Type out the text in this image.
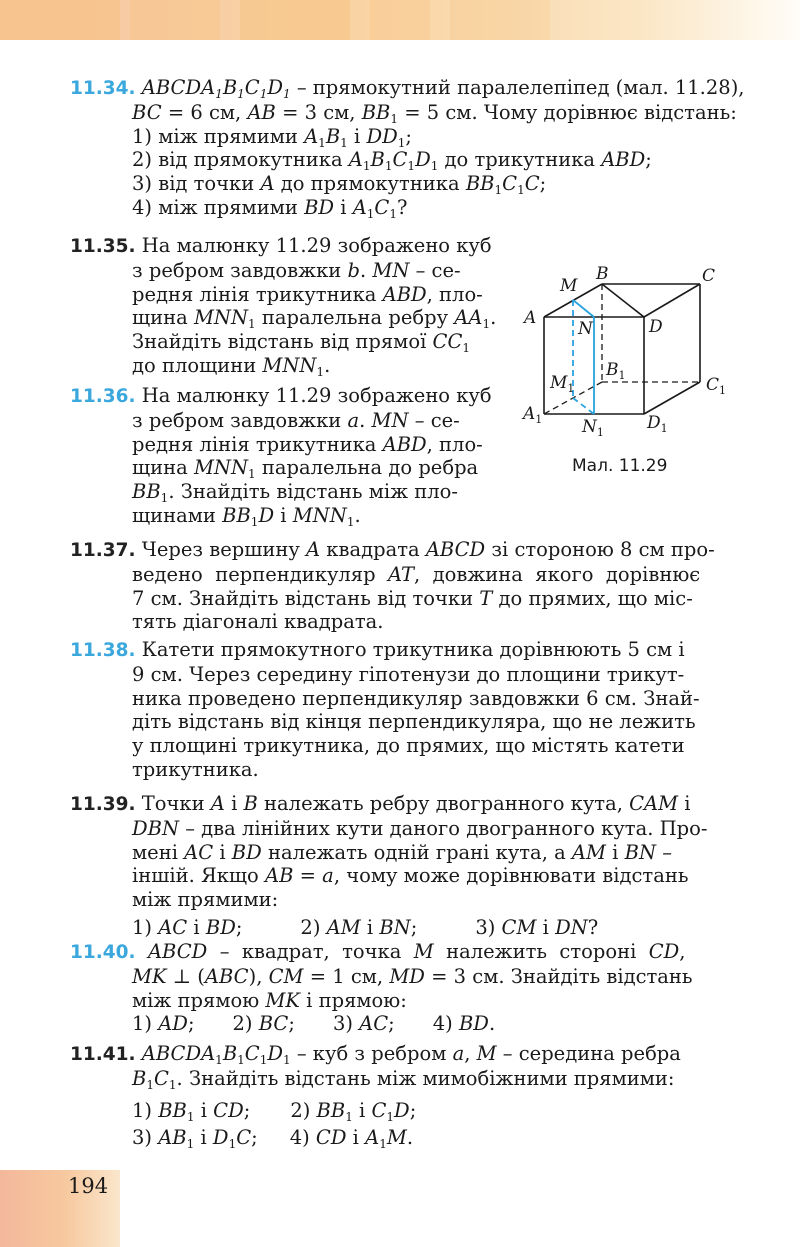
11.34. $ABCDA_1B_1C_1D_1$ – прямокутний паралелепіпед (мал. 11.28),
BC = 6 см, AB = 3 см, $BB_1 = 5$ см. Чому дорівнює відстань:
1) між прямими $A_1B_1$ і $DD_1$;
2) від прямокутника $A_1B_1C_1D_1$ до трикутника ABD;
3) від точки A до прямокутника $BB_1C_1C$;
4) між прямими BD і $A_1C_1$?
11.35. На малюнку 11.29 зображено куб
з ребром завдовжки b. MN – се-
редня лінія трикутника ABD, пло-
щина $MNN_1$ паралельна ребру $AA_1$.
Знайдіть відстань від прямої $CC_1$
до площини $MNN_1$.
11.36. На малюнку 11.29 зображено куб
з ребром завдовжки a. MN – се-
редня лінія трикутника ABD, пло-
щина $MNN_1$ паралельна до ребра
$BB_1$. Знайдіть відстань між пло-
щинами $BB_1D$ і $MNN_1$.
M
B	C
A
N	D
$B_1$
$M_1$	$C_1$
$A_1$ $N_1$	$D_1$
Мал. 11.29
11.37. Через вершину A квадрата ABCD зі стороною 8 см про-
ведено  перпендикуляр  AT,  довжина  якого  дорівнює
7 см. Знайдіть відстань від точки T до прямих, що міс-
тять діагоналі квадрата.
11.38. Катети прямокутного трикутника дорівнюють 5 см і
9 см. Через середину гіпотенузи до площини трикут-
ника проведено перпендикуляр завдовжки 6 см. Знай-
діть відстань від кінця перпендикуляра, що не лежить
у площині трикутника, до прямих, що містять катети
трикутника.
11.39. Точки A і B належать ребру двогранного кута, CAM і
DBN – два лінійних кути даного двогранного кута. Про-
мені AC і BD належать одній грані кута, а AM і BN –
іншій. Якщо AB = a, чому може дорівнювати відстань
між прямими:
1) AC і BD;	2) AM і BN;	3) CM і DN?
11.40. ABCD  –  квадрат,  точка  M  належить  стороні  CD,
MK ⊥ (ABC), CM = 1 см, MD = 3 см. Знайдіть відстань
між прямою MK і прямою:
1) AD; 2) BC; 3) AC; 4) BD.
11.41. $ABCDA_1B_1C_1D_1$ – куб з ребром a, M – середина ребра
$B_1C_1$. Знайдіть відстань між мимобіжними прямими:
1) $BB_1$ і CD; 2) $BB_1$ і $C_1D$;
3) $AB_1$ і $D_1C$; 4) CD і $A_1M$.
194
